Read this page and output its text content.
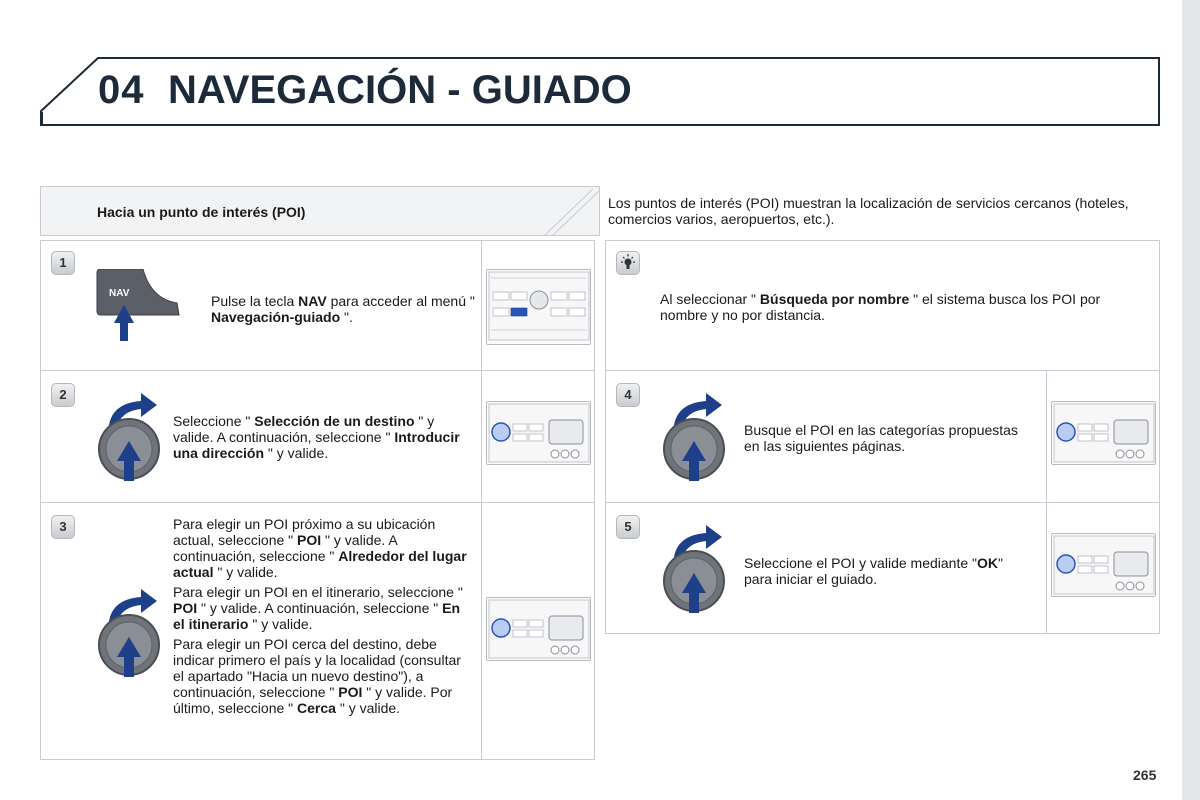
04 NAVEGACIÓN - GUIADO
Hacia un punto de interés (POI)
Los puntos de interés (POI) muestran la localización de servicios cercanos (hoteles, comercios varios, aeropuertos, etc.).
1
NAV	Pulse la tecla NAV para acceder al menú " Navegación-guiado ".
2
Seleccione " Selección de un destino " y valide. A continuación, seleccione " Introducir una dirección " y valide.
3	Para elegir un POI próximo a su ubicación actual, seleccione " POI " y valide. A continuación, seleccione " Alrededor del lugar actual " y valide.

Para elegir un POI en el itinerario, seleccione " POI " y valide. A continuación, seleccione " En el itinerario " y valide.

Para elegir un POI cerca del destino, debe indicar primero el país y la localidad (consultar el apartado "Hacia un nuevo destino"), a continuación, seleccione " POI " y valide. Por último, seleccione " Cerca " y valide.

Al seleccionar " Búsqueda por nombre " el sistema busca los POI por nombre y no por distancia.
4
Busque el POI en las categorías propuestas en las siguientes páginas.
5
Seleccione el POI y valide mediante "OK" para iniciar el guiado.
265
